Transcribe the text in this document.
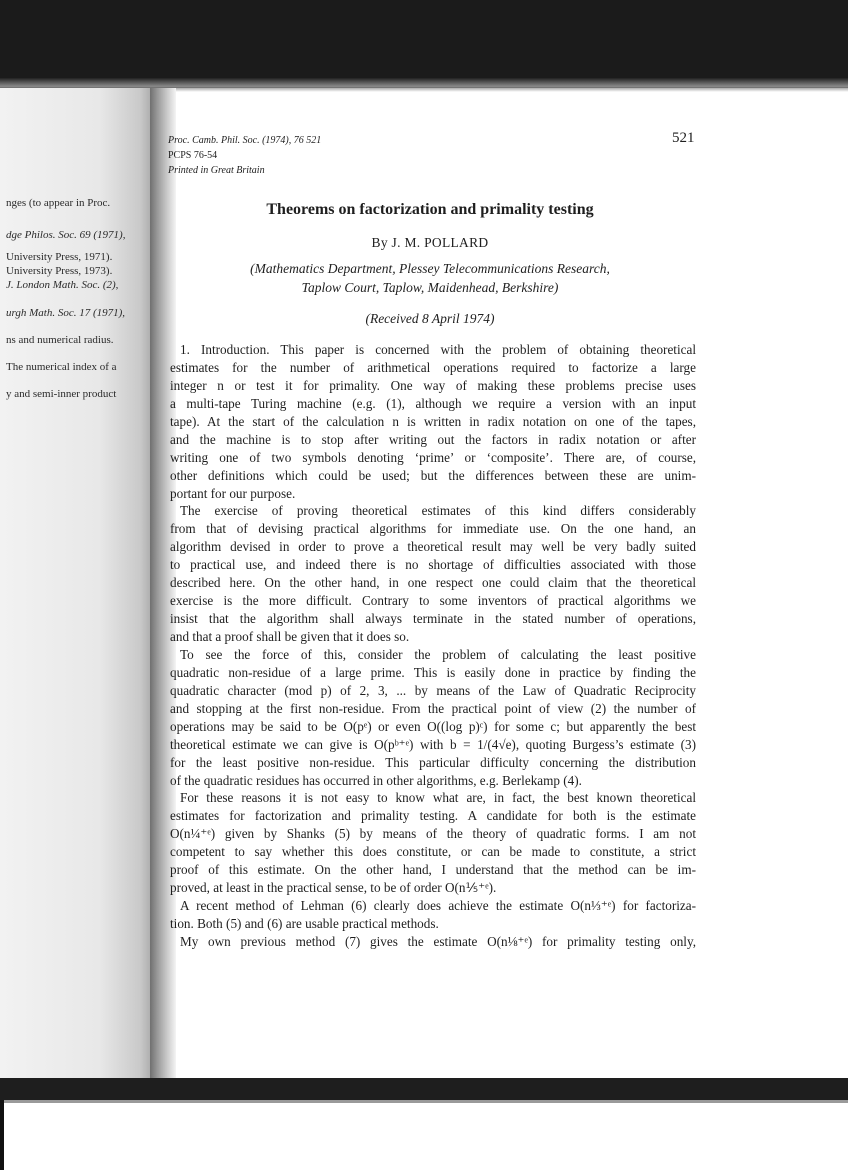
nges (to appear in Proc.
dge Philos. Soc. 69 (1971),
University Press, 1971).
University Press, 1973).
J. London Math. Soc. (2),
urgh Math. Soc. 17 (1971),
ns and numerical radius.
The numerical index of a
y and semi-inner product
Proc. Camb. Phil. Soc. (1974), 76 521
PCPS 76-54
Printed in Great Britain
521
Theorems on factorization and primality testing
By J. M. POLLARD
(Mathematics Department, Plessey Telecommunications Research,
Taplow Court, Taplow, Maidenhead, Berkshire)
(Received 8 April 1974)
1. Introduction. This paper is concerned with the problem of obtaining theoretical
estimates for the number of arithmetical operations required to factorize a large
integer n or test it for primality. One way of making these problems precise uses
a multi-tape Turing machine (e.g. (1), although we require a version with an input
tape). At the start of the calculation n is written in radix notation on one of the tapes,
and the machine is to stop after writing out the factors in radix notation or after
writing one of two symbols denoting ‘prime’ or ‘composite’. There are, of course,
other definitions which could be used; but the differences between these are unim-
portant for our purpose.
The exercise of proving theoretical estimates of this kind differs considerably
from that of devising practical algorithms for immediate use. On the one hand, an
algorithm devised in order to prove a theoretical result may well be very badly suited
to practical use, and indeed there is no shortage of difficulties associated with those
described here. On the other hand, in one respect one could claim that the theoretical
exercise is the more difficult. Contrary to some inventors of practical algorithms we
insist that the algorithm shall always terminate in the stated number of operations,
and that a proof shall be given that it does so.
To see the force of this, consider the problem of calculating the least positive
quadratic non-residue of a large prime. This is easily done in practice by finding the
quadratic character (mod p) of 2, 3, ... by means of the Law of Quadratic Reciprocity
and stopping at the first non-residue. From the practical point of view (2) the number of
operations may be said to be O(pᵉ) or even O((log p)ᶜ) for some c; but apparently the best
theoretical estimate we can give is O(pᵇ⁺ᵉ) with b = 1/(4√e), quoting Burgess’s estimate (3)
for the least positive non-residue. This particular difficulty concerning the distribution
of the quadratic residues has occurred in other algorithms, e.g. Berlekamp (4).
For these reasons it is not easy to know what are, in fact, the best known theoretical
estimates for factorization and primality testing. A candidate for both is the estimate
O(n¼⁺ᵉ) given by Shanks (5) by means of the theory of quadratic forms. I am not
competent to say whether this does constitute, or can be made to constitute, a strict
proof of this estimate. On the other hand, I understand that the method can be im-
proved, at least in the practical sense, to be of order O(n⅕⁺ᵉ).
A recent method of Lehman (6) clearly does achieve the estimate O(n⅓⁺ᵉ) for factoriza-
tion. Both (5) and (6) are usable practical methods.
My own previous method (7) gives the estimate O(n⅛⁺ᵉ) for primality testing only,
